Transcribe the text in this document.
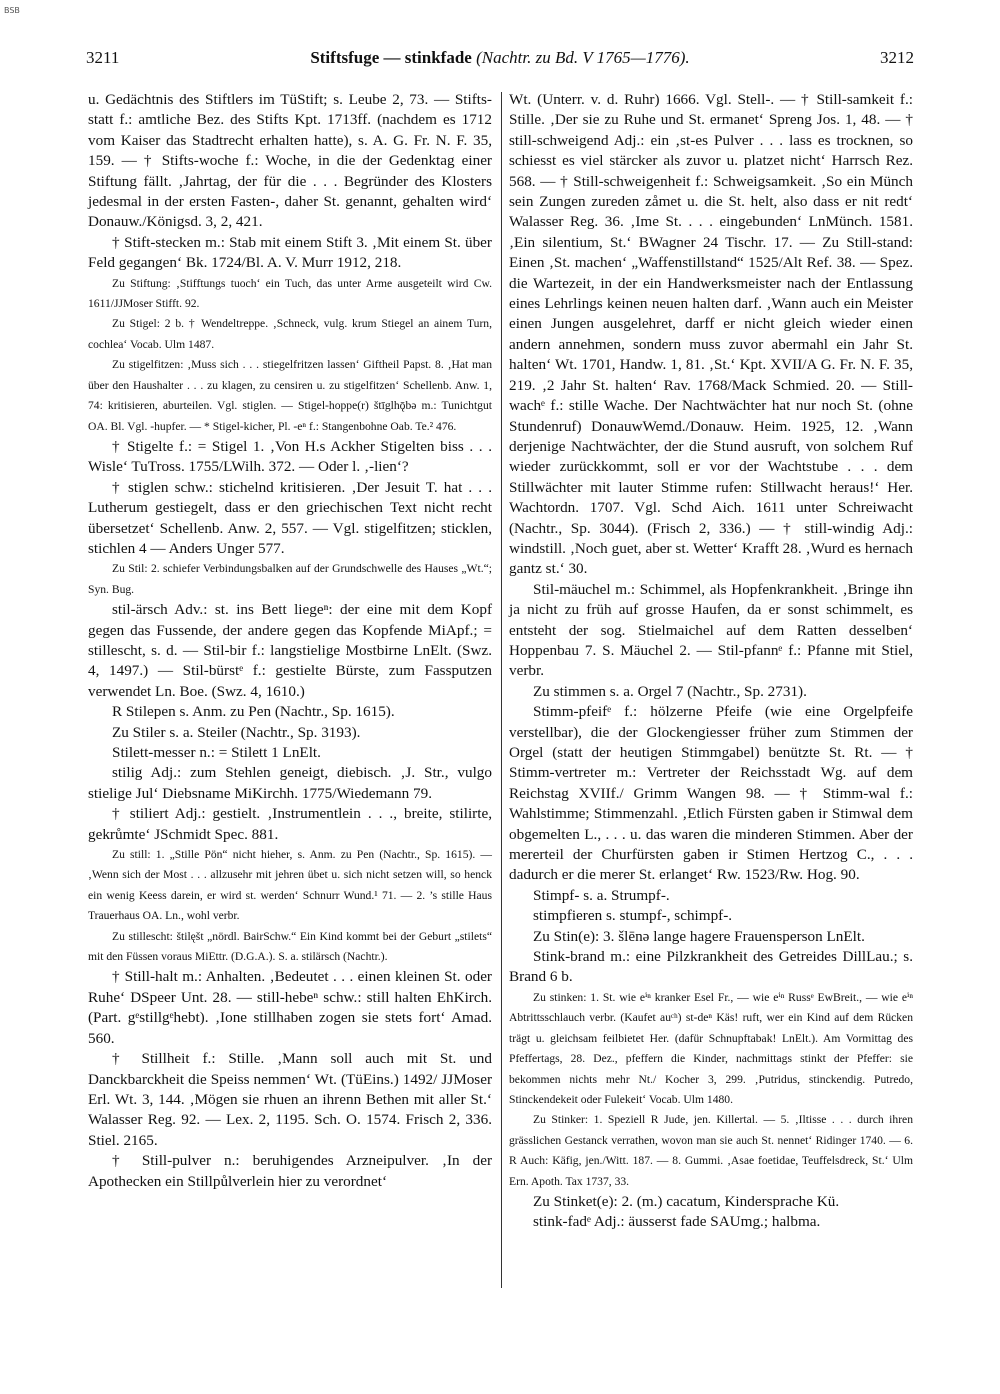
BSB
3211	Stiftsfuge — stinkfade (Nachtr. zu Bd. V 1765—1776).	3212

u. Gedächtnis des Stiftlers im TüStift; s. Leube 2, 73. — Stifts-statt f.: amtliche Bez. des Stifts Kpt. 1713ff. (nachdem es 1712 vom Kaiser das Stadtrecht erhalten hatte), s. A. G. Fr. N. F. 35, 159. — † Stifts-woche f.: Woche, in die der Gedenktag einer Stiftung fällt. ‚Jahrtag, der für die . . . Begründer des Klosters jedesmal in der ersten Fasten-, daher St. genannt, gehalten wird‘ Donauw./Königsd. 3, 2, 421.

† Stift-stecken m.: Stab mit einem Stift 3. ‚Mit einem St. über Feld gegangen‘ Bk. 1724/Bl. A. V. Murr 1912, 218.

Zu Stiftung: ‚Stifftungs tuoch‘ ein Tuch, das unter Arme ausgeteilt wird Cw. 1611/JJMoser Stifft. 92.

Zu Stigel: 2 b. † Wendeltreppe. ‚Schneck, vulg. krum Stiegel an ainem Turn, cochlea‘ Vocab. Ulm 1487.

Zu stigelfitzen: ‚Muss sich . . . stiegelfritzen lassen‘ Giftheil Papst. 8. ‚Hat man über den Haushalter . . . zu klagen, zu censiren u. zu stigelfitzen‘ Schellenb. Anw. 1, 74: kritisieren, aburteilen. Vgl. stiglen. — Stigel-hoppe(r) štīglhǭbə m.: Tunichtgut OA. Bl. Vgl. -hupfer. — * Stigel-kicher, Pl. -eⁿ f.: Stangenbohne Oab. Te.² 476.

† Stigelte f.: = Stigel 1. ‚Von H.s Ackher Stigelten biss . . . Wisle‘ TuTross. 1755/LWilh. 372. — Oder l. ‚-lien‘?

† stiglen schw.: stichelnd kritisieren. ‚Der Jesuit T. hat . . . Lutherum gestiegelt, dass er den griechischen Text nicht recht übersetzet‘ Schellenb. Anw. 2, 557. — Vgl. stigelfitzen; sticklen, stichlen 4 — Anders Unger 577.

Zu Stil: 2. schiefer Verbindungsbalken auf der Grundschwelle des Hauses „Wt.“; Syn. Bug.

stil-ärsch Adv.: st. ins Bett liegeⁿ: der eine mit dem Kopf gegen das Fussende, der andere gegen das Kopfende MiApf.; = stillescht, s. d. — Stil-bir f.: langstielige Mostbirne LnElt. (Swz. 4, 1497.) — Stil-bürstᵉ f.: gestielte Bürste, zum Fassputzen verwendet Ln. Boe. (Swz. 4, 1610.)

R Stilepen s. Anm. zu Pen (Nachtr., Sp. 1615).

Zu Stiler s. a. Steiler (Nachtr., Sp. 3193).

Stilett-messer n.: = Stilett 1 LnElt.

stilig Adj.: zum Stehlen geneigt, diebisch. ‚J. Str., vulgo stielige Jul‘ Diebsname MiKirchh. 1775/Wiedemann 79.

† stiliert Adj.: gestielt. ‚Instrumentlein . . ., breite, stilirte, gekrůmte‘ JSchmidt Spec. 881.

Zu still: 1. „Stille Pön“ nicht hieher, s. Anm. zu Pen (Nachtr., Sp. 1615). — ‚Wenn sich der Most . . . allzusehr mit jehren übet u. sich nicht setzen will, so henck ein wenig Keess darein, er wird st. werden‘ Schnurr Wund.¹ 71. — 2. ’s stille Haus Trauerhaus OA. Ln., wohl verbr.

Zu stillescht: štilęšt „nördl. BairSchw.“ Ein Kind kommt bei der Geburt „stilets“ mit den Füssen voraus MiEttr. (D.G.A.). S. a. stilärsch (Nachtr.).

† Still-halt m.: Anhalten. ‚Bedeutet . . . einen kleinen St. oder Ruhe‘ DSpeer Unt. 28. — still-hebeⁿ schw.: still halten EhKirch. (Part. gᵉstillgᵉhebt). ‚Ione stillhaben zogen sie stets fort‘ Amad. 560.

† Stillheit f.: Stille. ‚Mann soll auch mit St. und Danckbarckheit die Speiss nemmen‘ Wt. (TüEins.) 1492/ JJMoser Erl. Wt. 3, 144. ‚Mögen sie rhuen an ihrenn Bethen mit aller St.‘ Walasser Reg. 92. — Lex. 2, 1195. Sch. O. 1574. Frisch 2, 336. Stiel. 2165.

† Still-pulver n.: beruhigendes Arzneipulver. ‚In der Apothecken ein Stillpůlverlein hier zu verordnet‘

Wt. (Unterr. v. d. Ruhr) 1666. Vgl. Stell-. — † Still-samkeit f.: Stille. ‚Der sie zu Ruhe und St. ermanet‘ Spreng Jos. 1, 48. — † still-schweigend Adj.: ein ‚st-es Pulver . . . lass es trocknen, so schiesst es viel stärcker als zuvor u. platzet nicht‘ Harrsch Rez. 568. — † Still-schweigenheit f.: Schweigsamkeit. ‚So ein Münch sein Zungen zureden zåmet u. die St. helt, also dass er nit redt‘ Walasser Reg. 36. ‚Ime St. . . . eingebunden‘ LnMünch. 1581. ‚Ein silentium, St.‘ BWagner 24 Tischr. 17. — Zu Still-stand: Einen ‚St. machen‘ „Waffenstillstand“ 1525/Alt Ref. 38. — Spez. die Wartezeit, in der ein Handwerksmeister nach der Entlassung eines Lehrlings keinen neuen halten darf. ‚Wann auch ein Meister einen Jungen ausgelehret, darff er nicht gleich wieder einen andern annehmen, sondern muss zuvor abermahl ein Jahr St. halten‘ Wt. 1701, Handw. 1, 81. ‚St.‘ Kpt. XVII/A G. Fr. N. F. 35, 219. ‚2 Jahr St. halten‘ Rav. 1768/Mack Schmied. 20. — Still-wachᵉ f.: stille Wache. Der Nachtwächter hat nur noch St. (ohne Stundenruf) DonauwWemd./Donauw. Heim. 1925, 12. ‚Wann derjenige Nachtwächter, der die Stund ausruft, von solchem Ruf wieder zurückkommt, soll er vor der Wachtstube . . . dem Stillwächter mit lauter Stimme rufen: Stillwacht heraus!‘ Her. Wachtordn. 1707. Vgl. Schd Aich. 1611 unter Schreiwacht (Nachtr., Sp. 3044). (Frisch 2, 336.) — † still-windig Adj.: windstill. ‚Noch guet, aber st. Wetter‘ Krafft 28. ‚Wurd es hernach gantz st.‘ 30.

Stil-mäuchel m.: Schimmel, als Hopfenkrankheit. ‚Bringe ihn ja nicht zu früh auf grosse Haufen, da er sonst schimmelt, es entsteht der sog. Stielmaichel auf dem Ratten desselben‘ Hoppenbau 7. S. Mäuchel 2. — Stil-pfannᵉ f.: Pfanne mit Stiel, verbr.

Zu stimmen s. a. Orgel 7 (Nachtr., Sp. 2731).

Stimm-pfeifᵉ f.: hölzerne Pfeife (wie eine Orgelpfeife verstellbar), die der Glockengiesser früher zum Stimmen der Orgel (statt der heutigen Stimmgabel) benützte St. Rt. — † Stimm-vertreter m.: Vertreter der Reichsstadt Wg. auf dem Reichstag XVIIf./ Grimm Wangen 98. — † Stimm-wal f.: Wahlstimme; Stimmenzahl. ‚Etlich Fürsten gaben ir Stimwal dem obgemelten L., . . . u. das waren die minderen Stimmen. Aber der mererteil der Churfürsten gaben ir Stimen Hertzog C., . . . dadurch er die merer St. erlanget‘ Rw. 1523/Rw. Hog. 90.

Stimpf- s. a. Strumpf-.

stimpfieren s. stumpf-, schimpf-.

Zu Stin(e): 3. šlēnə lange hagere Frauensperson LnElt.

Stink-brand m.: eine Pilzkrankheit des Getreides DillLau.; s. Brand 6 b.

Zu stinken: 1. St. wie eⁱⁿ kranker Esel Fr., — wie eⁱⁿ Russᵉ EwBreit., — wie eⁱⁿ Abtrittsschlauch verbr. (Kaufet auᶜʰ) st-deⁿ Käs! ruft, wer ein Kind auf dem Rücken trägt u. gleichsam feilbietet Her. (dafür Schnupftabak! LnElt.). Am Vormittag des Pfeffertags, 28. Dez., pfeffern die Kinder, nachmittags stinkt der Pfeffer: sie bekommen nichts mehr Nt./ Kocher 3, 299. ‚Putridus, stinckendig. Putredo, Stinckendekeit oder Fulekeit‘ Vocab. Ulm 1480.

Zu Stinker: 1. Speziell R Jude, jen. Killertal. — 5. ‚Iltisse . . . durch ihren grässlichen Gestanck verrathen, wovon man sie auch St. nennet‘ Ridinger 1740. — 6. R Auch: Käfig, jen./Witt. 187. — 8. Gummi. ‚Asae foetidae, Teuffelsdreck, St.‘ Ulm Ern. Apoth. Tax 1737, 33.

Zu Stinket(e): 2. (m.) cacatum, Kindersprache Kü.

stink-fadᵉ Adj.: äusserst fade SAUmg.; halbma.
